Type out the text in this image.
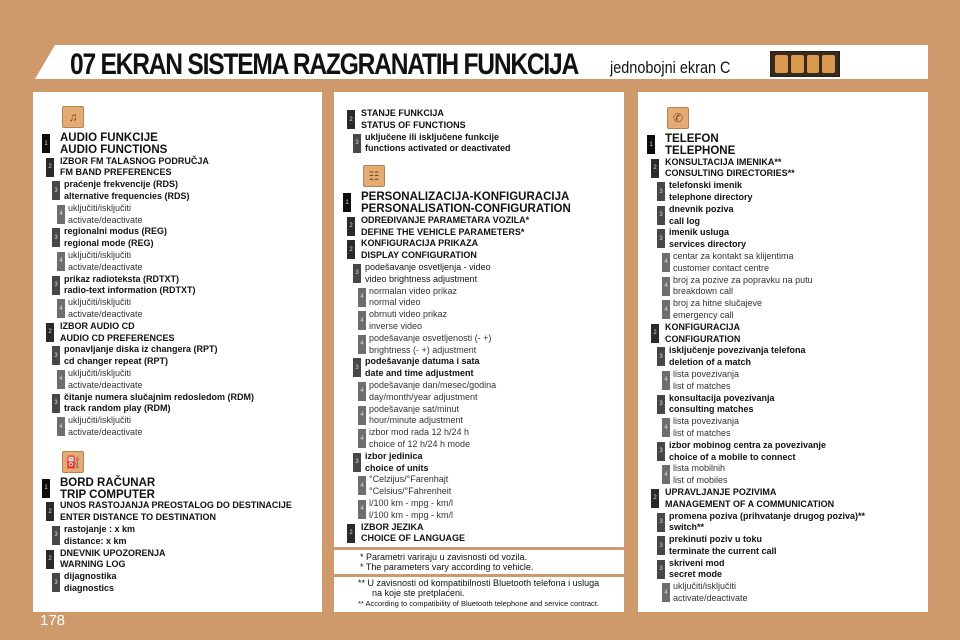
07 EKRAN SISTEMA RAZGRANATIH FUNKCIJA jednobojni ekran C
♫
1 AUDIO FUNKCIJE
AUDIO FUNCTIONS
2
IZBOR FM TALASNOG PODRUČJA
FM BAND PREFERENCES
3
praćenje frekvencije (RDS)
alternative frequencies (RDS)
4
uključiti/isključiti
activate/deactivate
3
regionalni modus (REG)
regional mode (REG)
4
uključiti/isključiti
activate/deactivate
3
prikaz radioteksta (RDTXT)
radio-text information (RDTXT)
4
uključiti/isključiti
activate/deactivate
2
IZBOR AUDIO CD
AUDIO CD PREFERENCES
3
ponavljanje diska iz changera (RPT)
cd changer repeat (RPT)
4
uključiti/isključiti
activate/deactivate
3
čitanje numera slučajnim redosledom (RDM)
track random play (RDM)
4
uključiti/isključiti
activate/deactivate
⛽
1 BORD RAČUNAR
TRIP COMPUTER
2
UNOS RASTOJANJA PREOSTALOG DO DESTINACIJE
ENTER DISTANCE TO DESTINATION
3
rastojanje : x km
distance: x km
2
DNEVNIK UPOZORENJA
WARNING LOG
3
dijagnostika
diagnostics
2
STANJE FUNKCIJA
STATUS OF FUNCTIONS
3
uključene ili isključene funkcije
functions activated or deactivated
☷
1 PERSONALIZACIJA-KONFIGURACIJA
PERSONALISATION-CONFIGURATION
2
ODREĐIVANJE PARAMETARA VOZILA*
DEFINE THE VEHICLE PARAMETERS*
2
KONFIGURACIJA PRIKAZA
DISPLAY CONFIGURATION
3
podešavanje osvetljenja - video
video brightness adjustment
4
normalan video prikaz
normal video
4
obrnuti video prikaz
inverse video
4
podešavanje osvetljenosti (- +)
brightness (- +) adjustment
3
podešavanje datuma i sata
date and time adjustment
4
podešavanje dan/mesec/godina
day/month/year adjustment
4
podešavanje sat/minut
hour/minute adjustment
4
izbor mod rada 12 h/24 h
choice of 12 h/24 h mode
3
izbor jedinica
choice of units
4
°Celzijus/°Farenhajt
°Celsius/°Fahrenheit
4
l/100 km - mpg - km/l
l/100 km - mpg - km/l
2
IZBOR JEZIKA
CHOICE OF LANGUAGE
* Parametri variraju u zavisnosti od vozila.
* The parameters vary according to vehicle.
** U zavisnosti od kompatibilnosti Bluetooth telefona i usluga
na koje ste pretplaćeni.
** According to compatibility of Bluetooth telephone and service contract.
✆
1 TELEFON
TELEPHONE
2
KONSULTACIJA IMENIKA**
CONSULTING DIRECTORIES**
3
telefonski imenik
telephone directory
3
dnevnik poziva
call log
3
imenik usluga
services directory
4
centar za kontakt sa klijentima
customer contact centre
4
broj za pozive za popravku na putu
breakdown call
4
broj za hitne slučajeve
emergency call
2
KONFIGURACIJA
CONFIGURATION
3
isključenje povezivanja telefona
deletion of a match
4
lista povezivanja
list of matches
3
konsultacija povezivanja
consulting matches
4
lista povezivanja
list of matches
3
izbor mobinog centra za povezivanje
choice of a mobile to connect
4
lista mobilnih
list of mobiles
2
UPRAVLJANJE POZIVIMA
MANAGEMENT OF A COMMUNICATION
3
promena poziva (prihvatanje drugog poziva)**
switch**
3
prekinuti poziv u toku
terminate the current call
3
skriveni mod
secret mode
4
uključiti/isključiti
activate/deactivate
178
